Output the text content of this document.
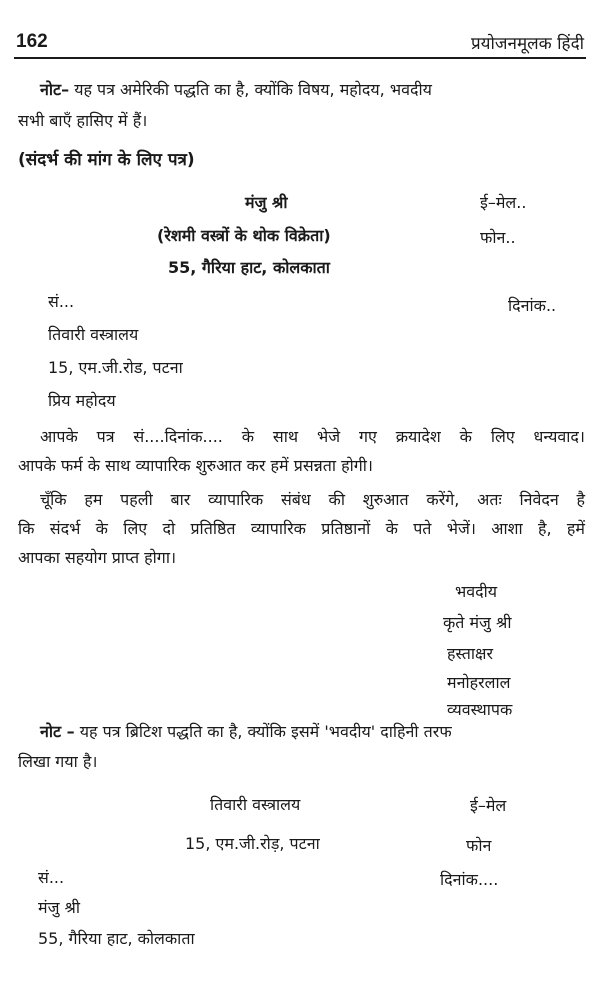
162	प्रयोजनमूलक हिंदी
नोट– यह पत्र अमेरिकी पद्धति का है, क्योंकि विषय, महोदय, भवदीय
सभी बाएँ हासिए में हैं।
(संदर्भ की मांग के लिए पत्र)
मंजु श्री	ई–मेल..
(रेशमी वस्त्रों के थोक विक्रेता)	फोन..
55, गैरिया हाट, कोलकाता
सं...	दिनांक..
तिवारी वस्त्रालय
15, एम.जी.रोड, पटना
प्रिय महोदय
आपके पत्र सं....दिनांक.... के साथ भेजे गए क्रयादेश के लिए धन्यवाद।
आपके फर्म के साथ व्यापारिक शुरुआत कर हमें प्रसन्नता होगी।
चूँकि हम पहली बार व्यापारिक संबंध की शुरुआत करेंगे, अतः निवेदन है
कि संदर्भ के लिए दो प्रतिष्ठित व्यापारिक प्रतिष्ठानों के पते भेजें। आशा है, हमें
आपका सहयोग प्राप्त होगा।
भवदीय
कृते मंजु श्री
हस्ताक्षर
मनोहरलाल
व्यवस्थापक
नोट – यह पत्र ब्रिटिश पद्धति का है, क्योंकि इसमें 'भवदीय' दाहिनी तरफ
लिखा गया है।
तिवारी वस्त्रालय	ई–मेल
15, एम.जी.रोड़, पटना	फोन
सं...	दिनांक....
मंजु श्री
55, गैरिया हाट, कोलकाता
